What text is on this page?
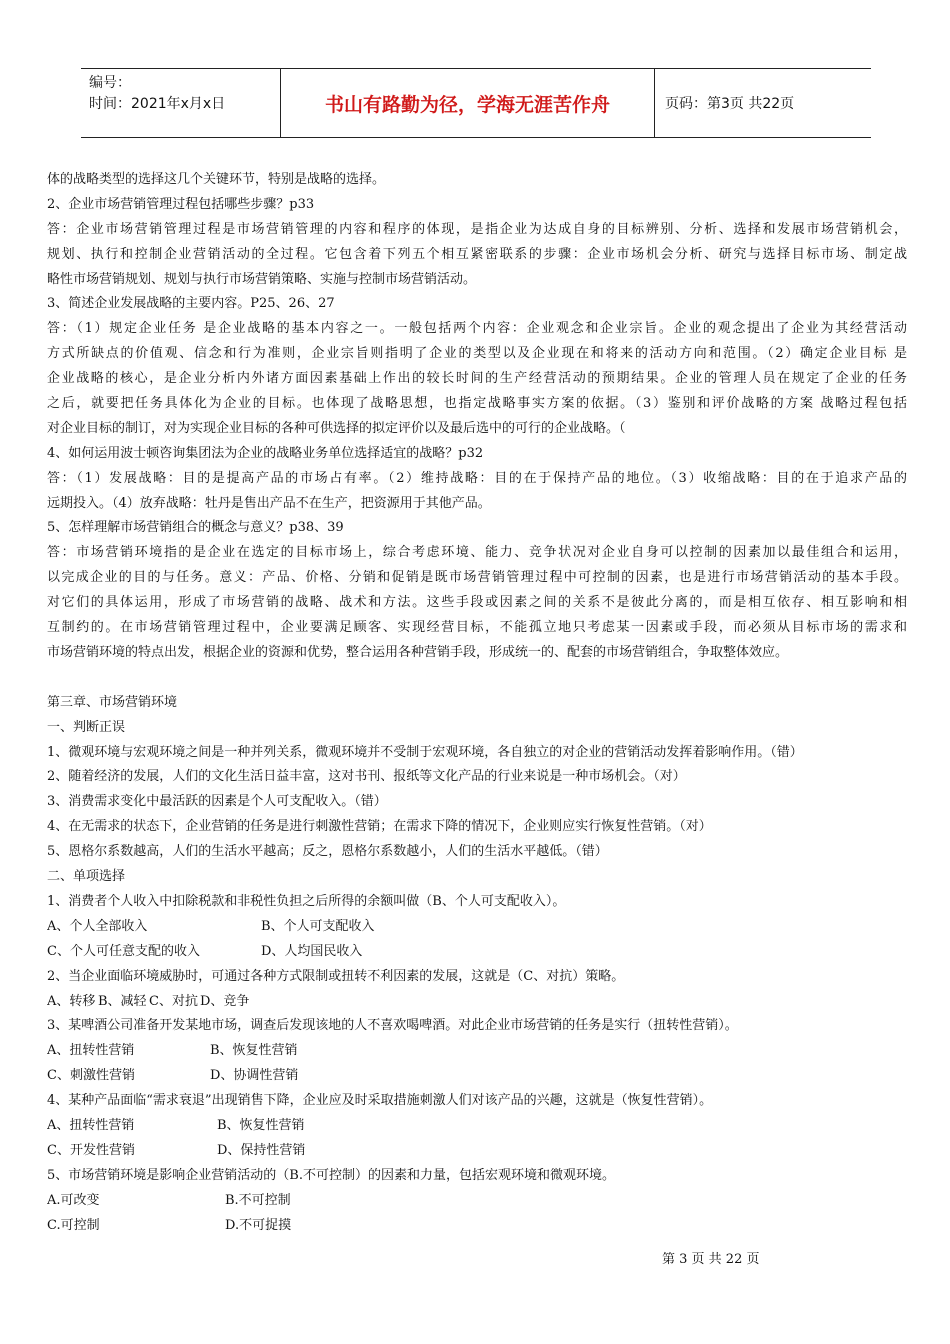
编号：
时间：2021年x月x日	书山有路勤为径，学海无涯苦作舟	页码：第3页 共22页
体的战略类型的选择这几个关键环节，特别是战略的选择。
2、企业市场营销管理过程包括哪些步骤？p33
答：企业市场营销管理过程是市场营销管理的内容和程序的体现，是指企业为达成自身的目标辨别、分析、选择和发展市场营销机会，
规划、执行和控制企业营销活动的全过程。它包含着下列五个相互紧密联系的步骤：企业市场机会分析、研究与选择目标市场、制定战
略性市场营销规划、规划与执行市场营销策略、实施与控制市场营销活动。
3、简述企业发展战略的主要内容。P25、26、27
答：（1）规定企业任务 是企业战略的基本内容之一。一般包括两个内容：企业观念和企业宗旨。企业的观念提出了企业为其经营活动
方式所缺点的价值观、信念和行为准则，企业宗旨则指明了企业的类型以及企业现在和将来的活动方向和范围。（2）确定企业目标 是
企业战略的核心，是企业分析内外诸方面因素基础上作出的较长时间的生产经营活动的预期结果。企业的管理人员在规定了企业的任务
之后，就要把任务具体化为企业的目标。也体现了战略思想，也指定战略事实方案的依据。（3）鉴别和评价战略的方案 战略过程包括
对企业目标的制订，对为实现企业目标的各种可供选择的拟定评价以及最后选中的可行的企业战略。（
4、如何运用波士顿咨询集团法为企业的战略业务单位选择适宜的战略？p32
答：（1）发展战略：目的是提高产品的市场占有率。（2）维持战略：目的在于保持产品的地位。（3）收缩战略：目的在于追求产品的
远期投入。（4）放弃战略：牡丹是售出产品不在生产，把资源用于其他产品。
5、怎样理解市场营销组合的概念与意义？p38、39
答：市场营销环境指的是企业在选定的目标市场上，综合考虑环境、能力、竞争状况对企业自身可以控制的因素加以最佳组合和运用，
以完成企业的目的与任务。意义：产品、价格、分销和促销是既市场营销管理过程中可控制的因素，也是进行市场营销活动的基本手段。
对它们的具体运用，形成了市场营销的战略、战术和方法。这些手段或因素之间的关系不是彼此分离的，而是相互依存、相互影响和相
互制约的。在市场营销管理过程中，企业要满足顾客、实现经营目标，不能孤立地只考虑某一因素或手段，而必须从目标市场的需求和
市场营销环境的特点出发，根据企业的资源和优势，整合运用各种营销手段，形成统一的、配套的市场营销组合，争取整体效应。
第三章、市场营销环境
一、判断正误
1、微观环境与宏观环境之间是一种并列关系，微观环境并不受制于宏观环境，各自独立的对企业的营销活动发挥着影响作用。（错）
2、随着经济的发展，人们的文化生活日益丰富，这对书刊、报纸等文化产品的行业来说是一种市场机会。（对）
3、消费需求变化中最活跃的因素是个人可支配收入。（错）
4、在无需求的状态下，企业营销的任务是进行刺激性营销；在需求下降的情况下，企业则应实行恢复性营销。（对）
5、恩格尔系数越高，人们的生活水平越高；反之，恩格尔系数越小，人们的生活水平越低。（错）
二、单项选择
1、消费者个人收入中扣除税款和非税性负担之后所得的余额叫做（B、个人可支配收入）。
A、个人全部收入	B、个人可支配收入
C、个人可任意支配的收入	D、人均国民收入
2、当企业面临环境威胁时，可通过各种方式限制或扭转不利因素的发展，这就是（C、对抗）策略。
A、转移 B、减轻 C、对抗 D、竞争
3、某啤酒公司准备开发某地市场，调查后发现该地的人不喜欢喝啤酒。对此企业市场营销的任务是实行（扭转性营销）。
A、扭转性营销	B、恢复性营销
C、刺激性营销	D、协调性营销
4、某种产品面临“需求衰退”出现销售下降，企业应及时采取措施刺激人们对该产品的兴趣，这就是（恢复性营销）。
A、扭转性营销	B、恢复性营销
C、开发性营销	D、保持性营销
5、市场营销环境是影响企业营销活动的（B.不可控制）的因素和力量，包括宏观环境和微观环境。
A.可改变	B.不可控制
C.可控制	D.不可捉摸
第 3 页 共 22 页
